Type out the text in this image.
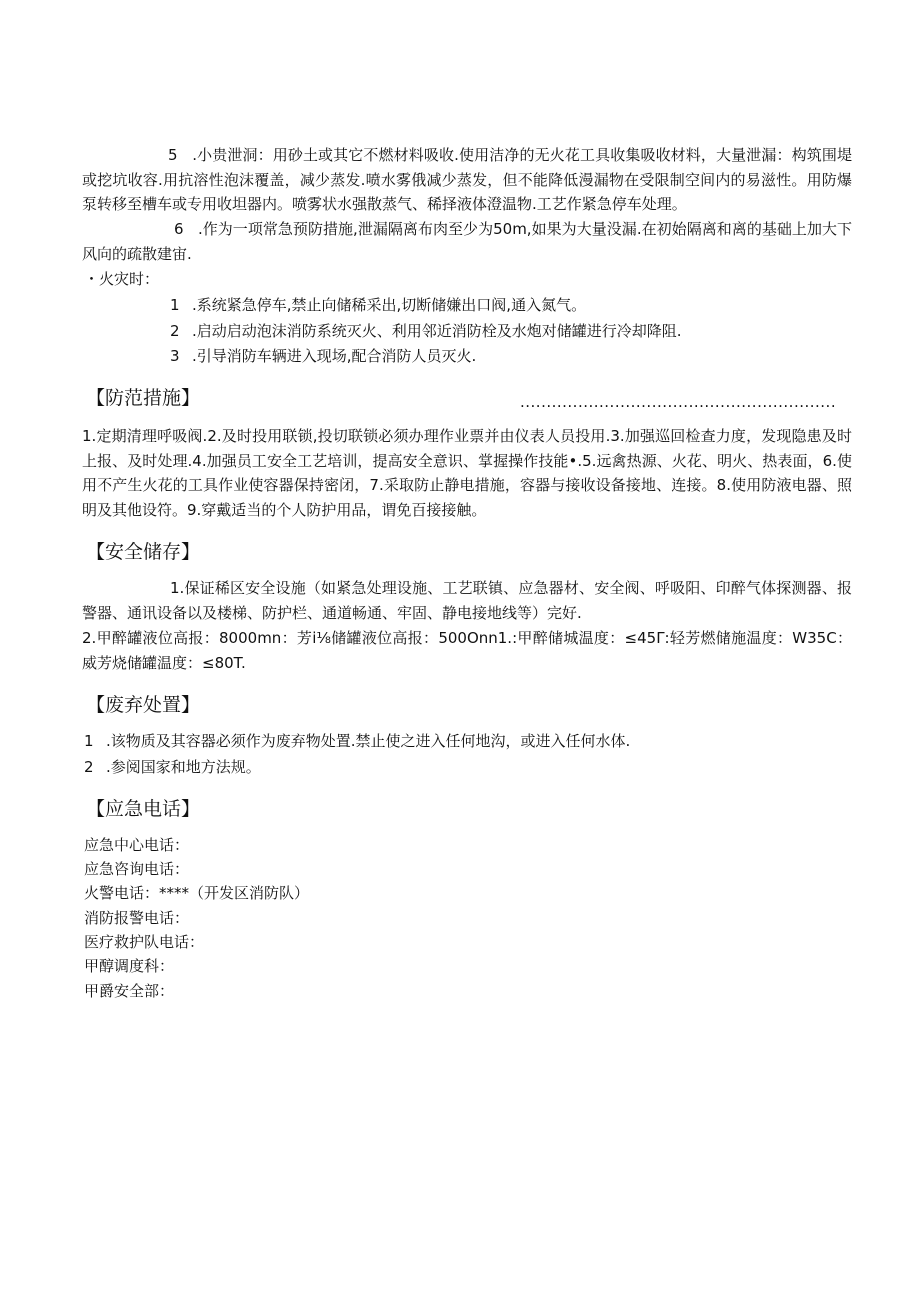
5 .小贵泄洞：用砂土或其它不燃材料吸收.使用洁净的无火花工具收集吸收材料，大量泄漏：构筑围堤或挖坑收容.用抗溶性泡沫覆盖，减少蒸发.喷水雾俄减少蒸发，但不能降低漫漏物在受限制空间内的易滋性。用防爆泵转移至槽车或专用收坦器内。喷雾状水强散蒸气、稀择液体澄温物.工艺作紧急停车处理。

6 .作为一项常急预防措施,泄漏隔离布肉至少为50m,如果为大量没漏.在初始隔离和离的基础上加大下风向的疏散建宙.

・火灾时：

1 .系统紧急停车,禁止向储稀采出,切断储嫌出口阀,通入氮气。

2 .启动启动泡沫消防系统灭火、利用邻近消防栓及水炮对储罐进行冷却降阻.

3 .引导消防车辆进入现场,配合消防人员灭火.

【防范措施】	............................................................

1.定期清理呼吸阀.2.及时投用联锁,投切联锁必须办理作业票并由仪表人员投用.3.加强巡回检查力度，发现隐患及时上报、及时处理.4.加强员工安全工艺培训，提高安全意识、掌握操作技能•.5.远禽热源、火花、明火、热表面，6.使用不产生火花的工具作业使容器保持密闭，7.采取防止静电措施，容器与接收设备接地、连接。8.使用防液电器、照明及其他设符。9.穿戴适当的个人防护用品，谓免百接接触。

【安全储存】

1.保证稀区安全设施（如紧急处理设施、工艺联镇、应急器材、安全阀、呼吸阳、印醉气体探测器、报警器、通讯设备以及楼梯、防护栏、通道畅通、牢固、静电接地线等）完好.

2.甲醉罐液位高报：8000mn：芳i⅛储罐液位高报：500Onn1.:甲醉储城温度：≤45Γ:轻芳燃储施温度：W35C：威芳烧储罐温度：≤80T.

【废弃处置】

1 .该物质及其容器必须作为废弃物处置.禁止使之进入任何地沟，或进入任何水体.

2 .参阅国家和地方法规。

【应急电话】

应急中心电话：

应急咨询电话：

火警电话：****（开发区消防队）

消防报警电话：

医疗救护队电话：

甲醇调度科：

甲爵安全部：
